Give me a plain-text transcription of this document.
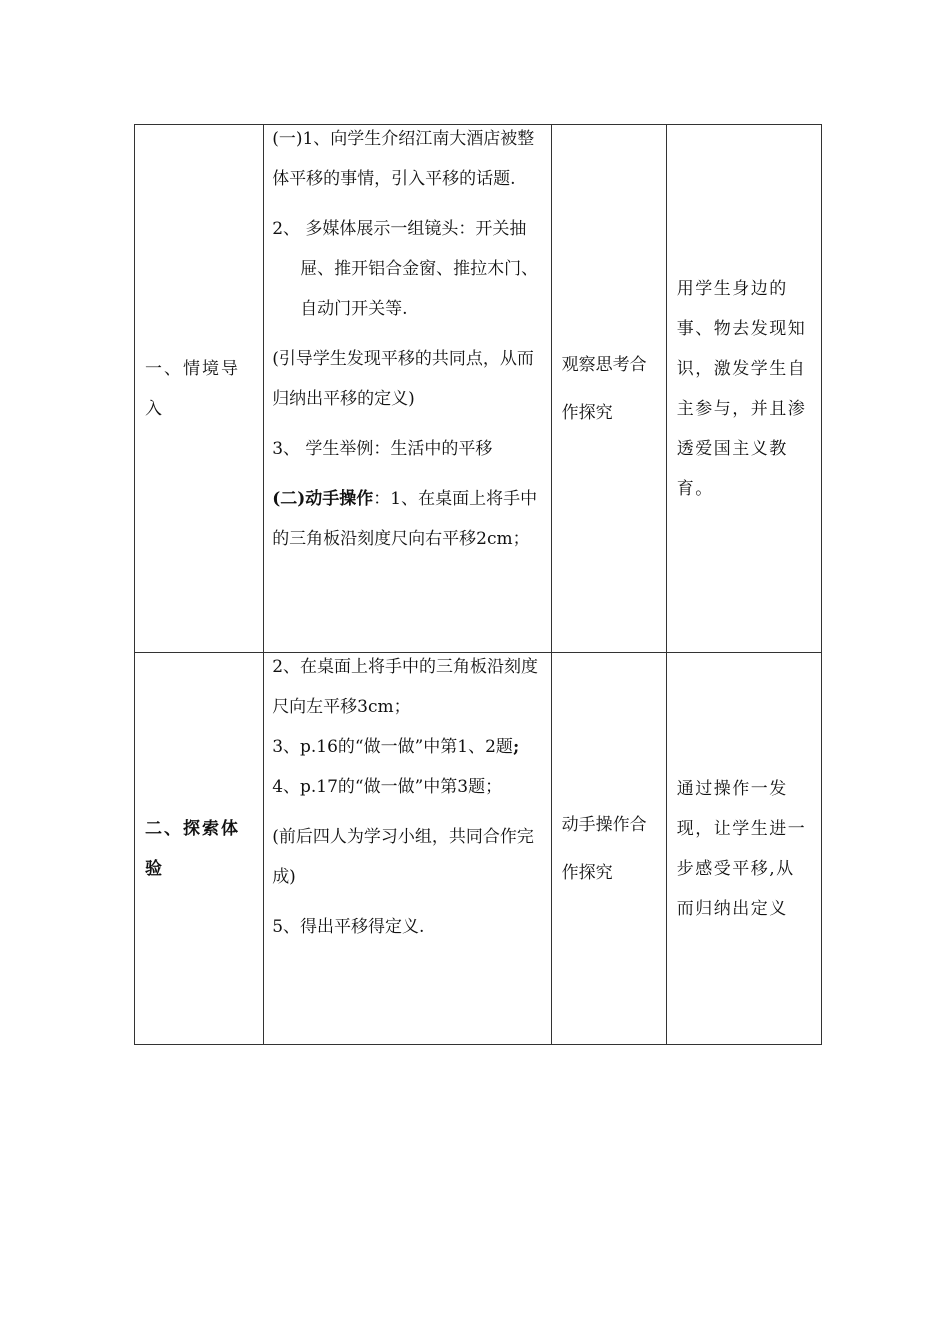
一、情境导入	(一)1、向学生介绍江南大酒店被整体平移的事情，引入平移的话题.

2、 多媒体展示一组镜头：开关抽屉、推开铝合金窗、推拉木门、自动门开关等.

(引导学生发现平移的共同点，从而归纳出平移的定义)

3、 学生举例：生活中的平移

(二)动手操作：1、在桌面上将手中的三角板沿刻度尺向右平移2cm；	观察思考合作探究	用学生身边的事、物去发现知识，激发学生自主参与，并且渗透爱国主义教育。
二、探索体验	2、在桌面上将手中的三角板沿刻度尺向左平移3cm；

3、p.16的“做一做”中第1、2题;

4、p.17的“做一做”中第3题；

(前后四人为学习小组，共同合作完成)

5、得出平移得定义.	动手操作合作探究	通过操作一发现，让学生进一步感受平移,从而归纳出定义
